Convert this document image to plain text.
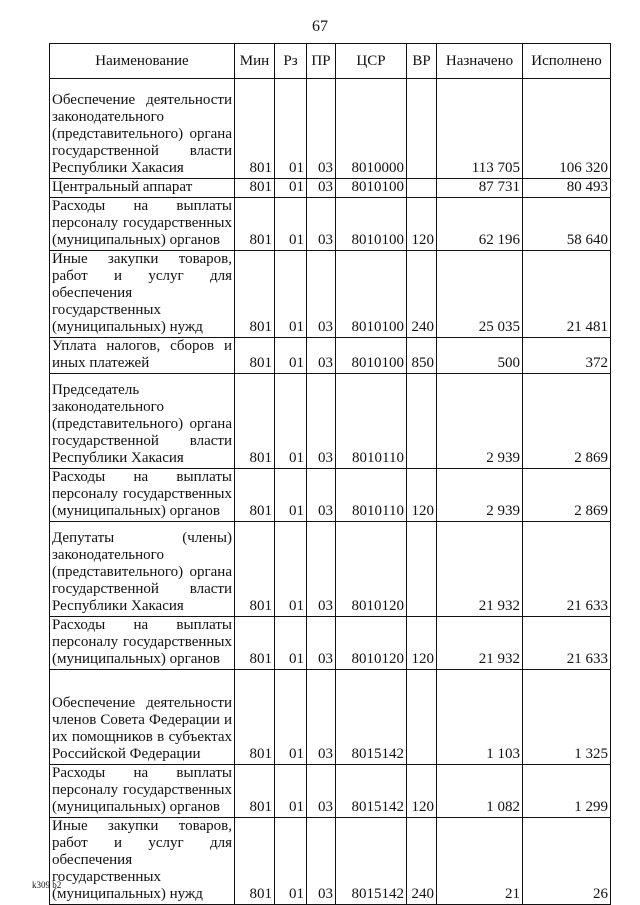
67
Наименование	Мин	Рз	ПР	ЦСР	ВР	Назначено	Исполнено
Обеспечение деятельности законодательного (представительного) органа государственной власти Республики Хакасия	801	01	03	8010000		113 705	106 320
Центральный аппарат	801	01	03	8010100		87 731	80 493
Расходы на выплаты персоналу государственных (муниципальных) органов	801	01	03	8010100	120	62 196	58 640
Иные закупки товаров, работ и услуг для обеспечения государственных (муниципальных) нужд	801	01	03	8010100	240	25 035	21 481
Уплата налогов, сборов и иных платежей	801	01	03	8010100	850	500	372
Председатель законодательного (представительного) органа государственной власти Республики Хакасия	801	01	03	8010110		2 939	2 869
Расходы на выплаты персоналу государственных (муниципальных) органов	801	01	03	8010110	120	2 939	2 869
Депутаты (члены) законодательного (представительного) органа государственной власти Республики Хакасия	801	01	03	8010120		21 932	21 633
Расходы на выплаты персоналу государственных (муниципальных) органов	801	01	03	8010120	120	21 932	21 633
Обеспечение деятельности членов Совета Федерации и их помощников в субъектах Российской Федерации	801	01	03	8015142		1 103	1 325
Расходы на выплаты персоналу государственных (муниципальных) органов	801	01	03	8015142	120	1 082	1 299
Иные закупки товаров, работ и услуг для обеспечения государственных (муниципальных) нужд	801	01	03	8015142	240	21	26
k309 b2
